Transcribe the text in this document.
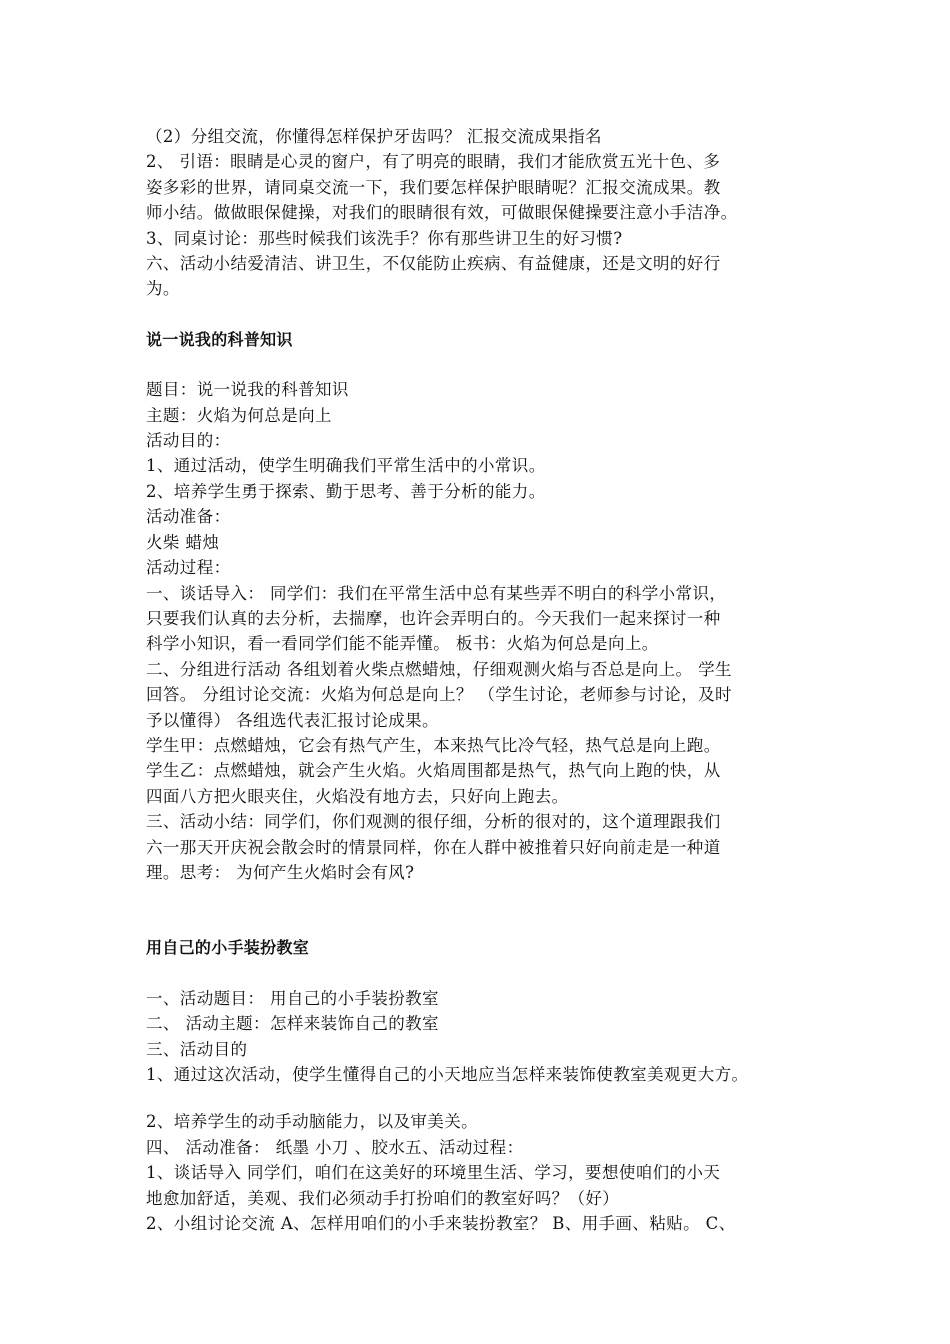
（2）分组交流，你懂得怎样保护牙齿吗？ 汇报交流成果指名
2、 引语：眼睛是心灵的窗户，有了明亮的眼睛，我们才能欣赏五光十色、多
姿多彩的世界，请同桌交流一下，我们要怎样保护眼睛呢？汇报交流成果。教
师小结。做做眼保健操，对我们的眼睛很有效，可做眼保健操要注意小手洁净。
3、同桌讨论：那些时候我们该洗手？你有那些讲卫生的好习惯?
六、活动小结爱清洁、讲卫生，不仅能防止疾病、有益健康，还是文明的好行
为。
说一说我的科普知识
题目：说一说我的科普知识
主题：火焰为何总是向上
活动目的：
1、通过活动，使学生明确我们平常生活中的小常识。
2、培养学生勇于探索、勤于思考、善于分析的能力。
活动准备：
火柴 蜡烛
活动过程：
一、谈话导入： 同学们：我们在平常生活中总有某些弄不明白的科学小常识，
只要我们认真的去分析，去揣摩，也许会弄明白的。今天我们一起来探讨一种
科学小知识，看一看同学们能不能弄懂。 板书：火焰为何总是向上。
二、分组进行活动 各组划着火柴点燃蜡烛，仔细观测火焰与否总是向上。 学生
回答。 分组讨论交流：火焰为何总是向上？ （学生讨论，老师参与讨论，及时
予以懂得） 各组选代表汇报讨论成果。
学生甲：点燃蜡烛，它会有热气产生，本来热气比冷气轻，热气总是向上跑。
学生乙：点燃蜡烛，就会产生火焰。火焰周围都是热气，热气向上跑的快，从
四面八方把火眼夹住，火焰没有地方去，只好向上跑去。
三、活动小结：同学们，你们观测的很仔细，分析的很对的，这个道理跟我们
六一那天开庆祝会散会时的情景同样，你在人群中被推着只好向前走是一种道
理。思考： 为何产生火焰时会有风?
用自己的小手装扮教室
一、活动题目： 用自己的小手装扮教室
二、 活动主题：怎样来装饰自己的教室
三、活动目的
1、通过这次活动，使学生懂得自己的小天地应当怎样来装饰使教室美观更大方。
2、培养学生的动手动脑能力，以及审美关。
四、 活动准备： 纸墨 小刀 、胶水五、活动过程：
1、谈话导入 同学们，咱们在这美好的环境里生活、学习，要想使咱们的小天
地愈加舒适，美观、我们必须动手打扮咱们的教室好吗？（好）
2、小组讨论交流 A、怎样用咱们的小手来装扮教室？ B、用手画、粘贴。 C、
